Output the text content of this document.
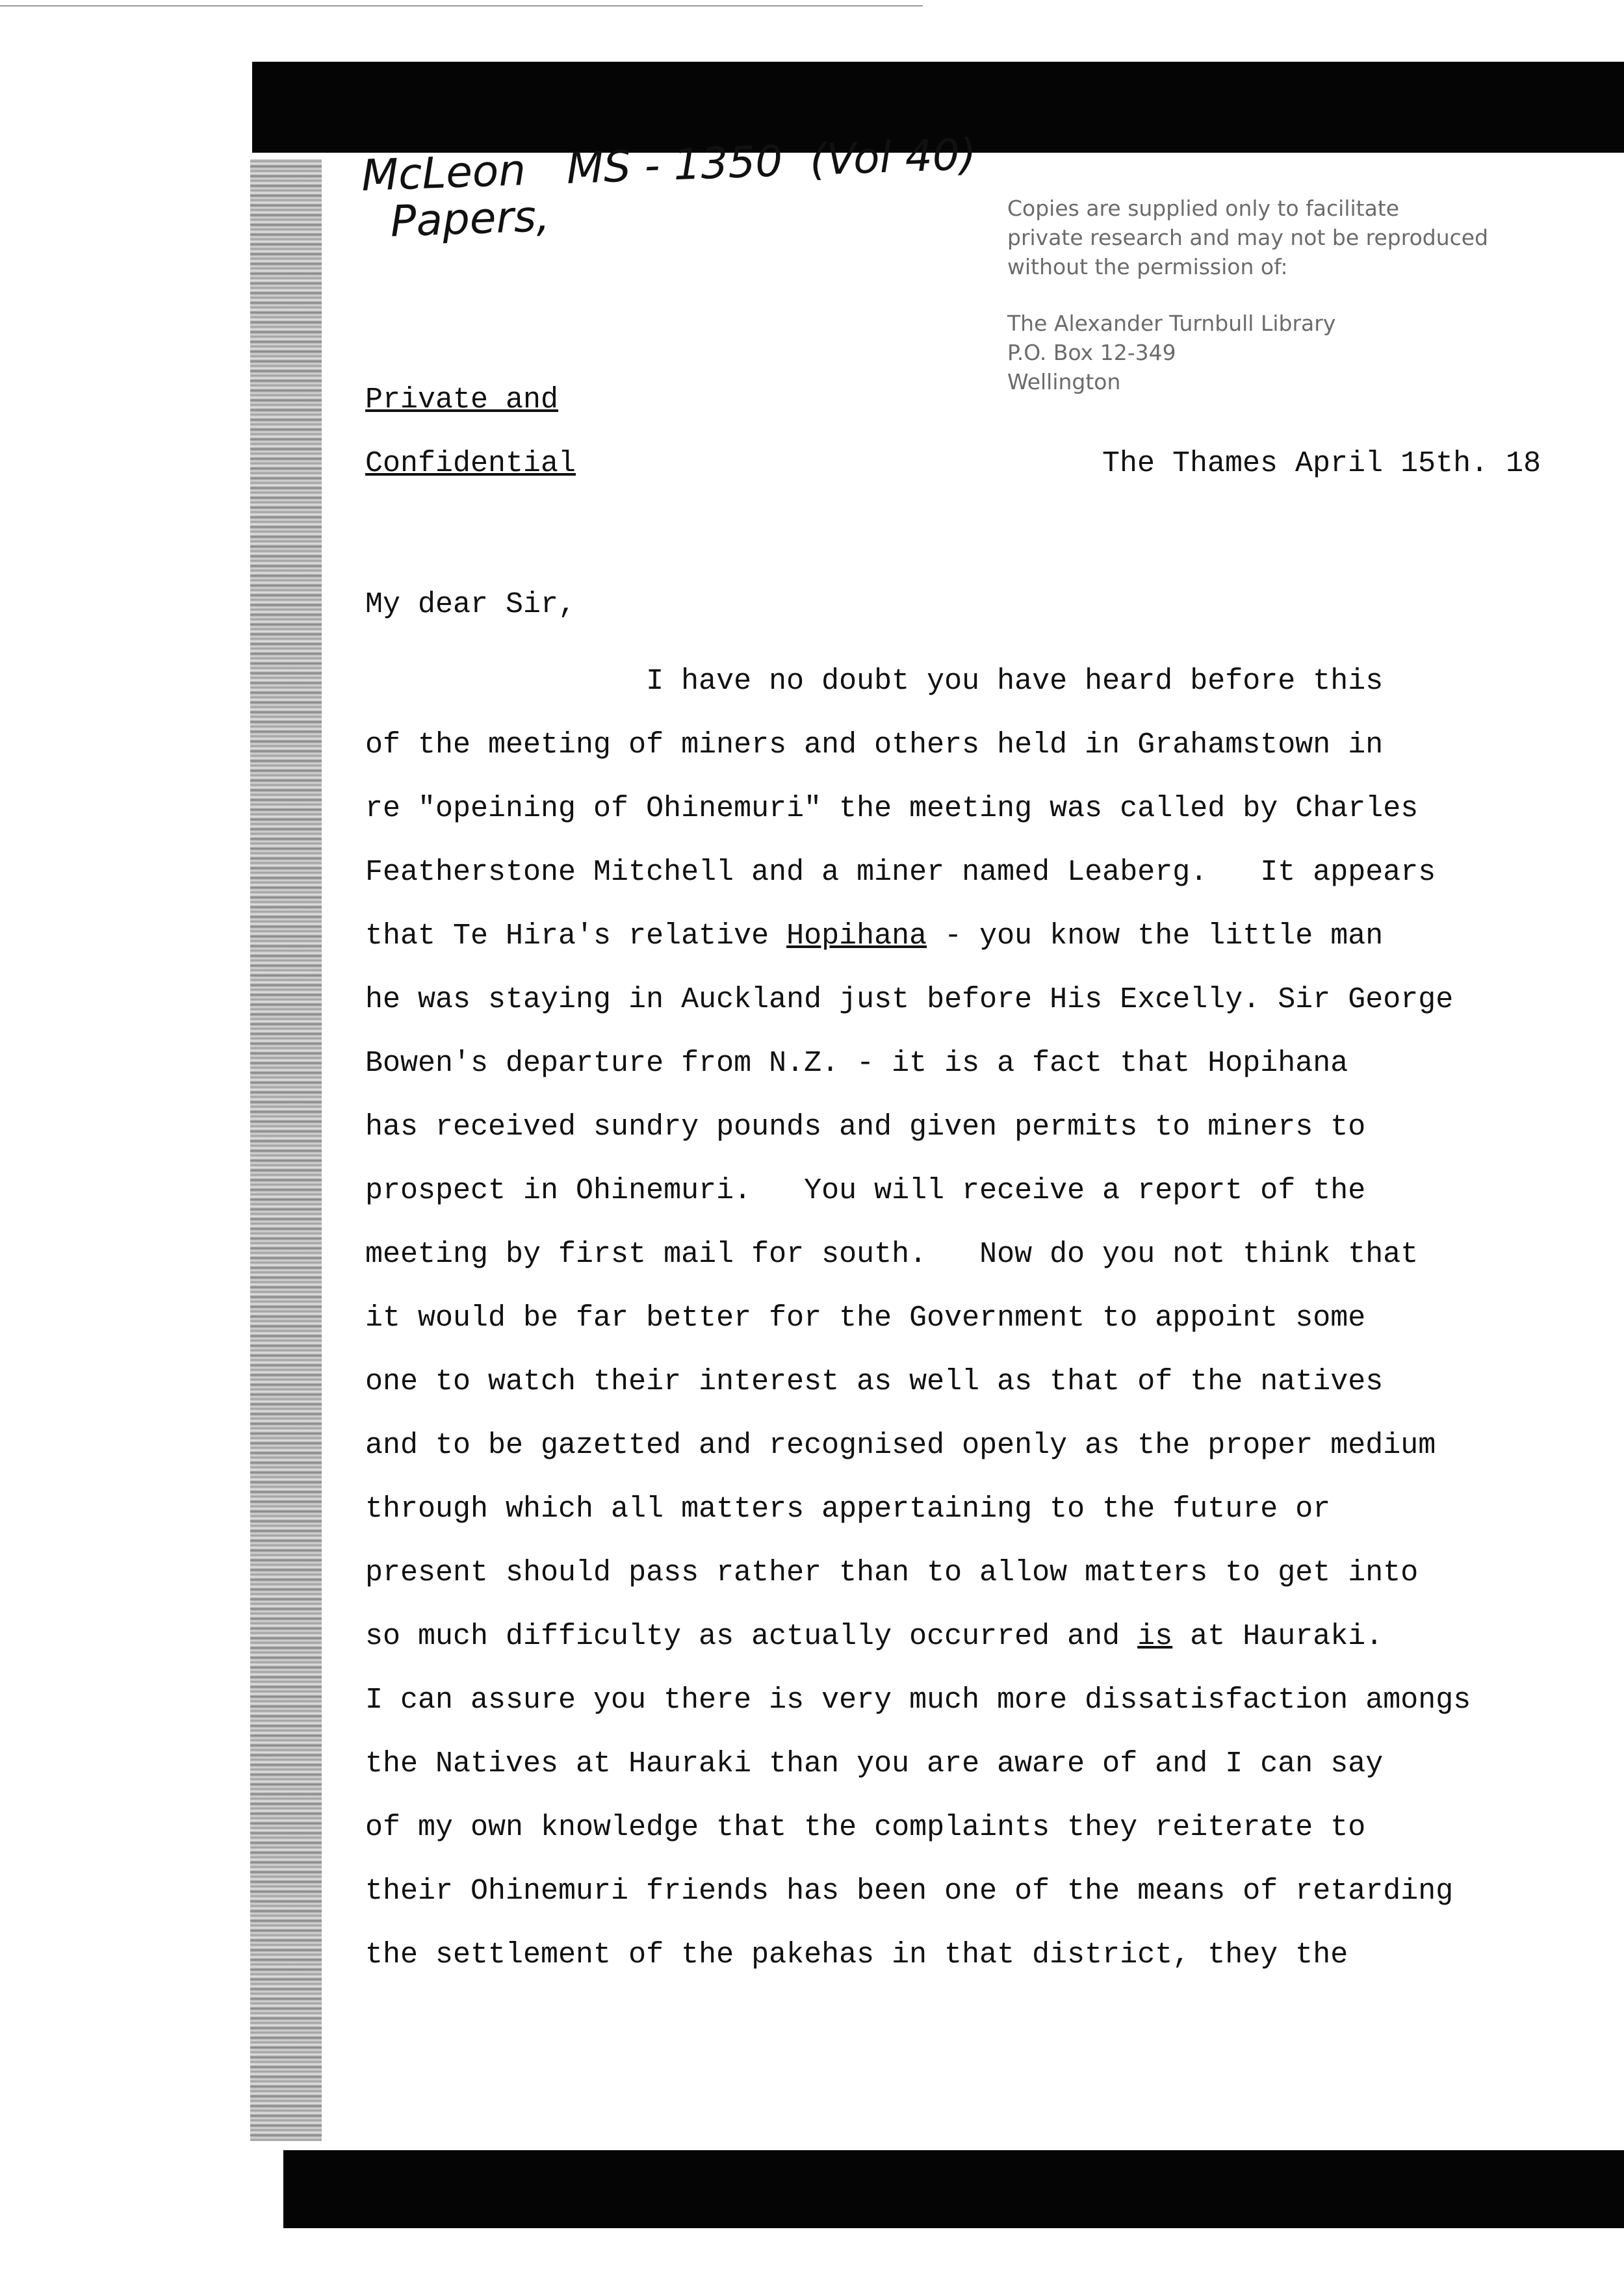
McLeon   MS - 1350  (Vol 40)
Papers,	Copies are supplied only to facilitate

private research and may not be reproduced

without the permission of:

The Alexander Turnbull Library

P.O. Box 12-349

Wellington

Private and

Confidential	The Thames April 15th. 18

My dear Sir,

I have no doubt you have heard before this

of the meeting of miners and others held in Grahamstown in

re "opeining of Ohinemuri" the meeting was called by Charles

Featherstone Mitchell and a miner named Leaberg.   It appears

that Te Hira's relative Hopihana - you know the little man

he was staying in Auckland just before His Excelly. Sir George

Bowen's departure from N.Z. - it is a fact that Hopihana

has received sundry pounds and given permits to miners to

prospect in Ohinemuri.   You will receive a report of the

meeting by first mail for south.   Now do you not think that

it would be far better for the Government to appoint some

one to watch their interest as well as that of the natives

and to be gazetted and recognised openly as the proper medium

through which all matters appertaining to the future or

present should pass rather than to allow matters to get into

so much difficulty as actually occurred and is at Hauraki.

I can assure you there is very much more dissatisfaction amongs

the Natives at Hauraki than you are aware of and I can say

of my own knowledge that the complaints they reiterate to

their Ohinemuri friends has been one of the means of retarding

the settlement of the pakehas in that district, they the
